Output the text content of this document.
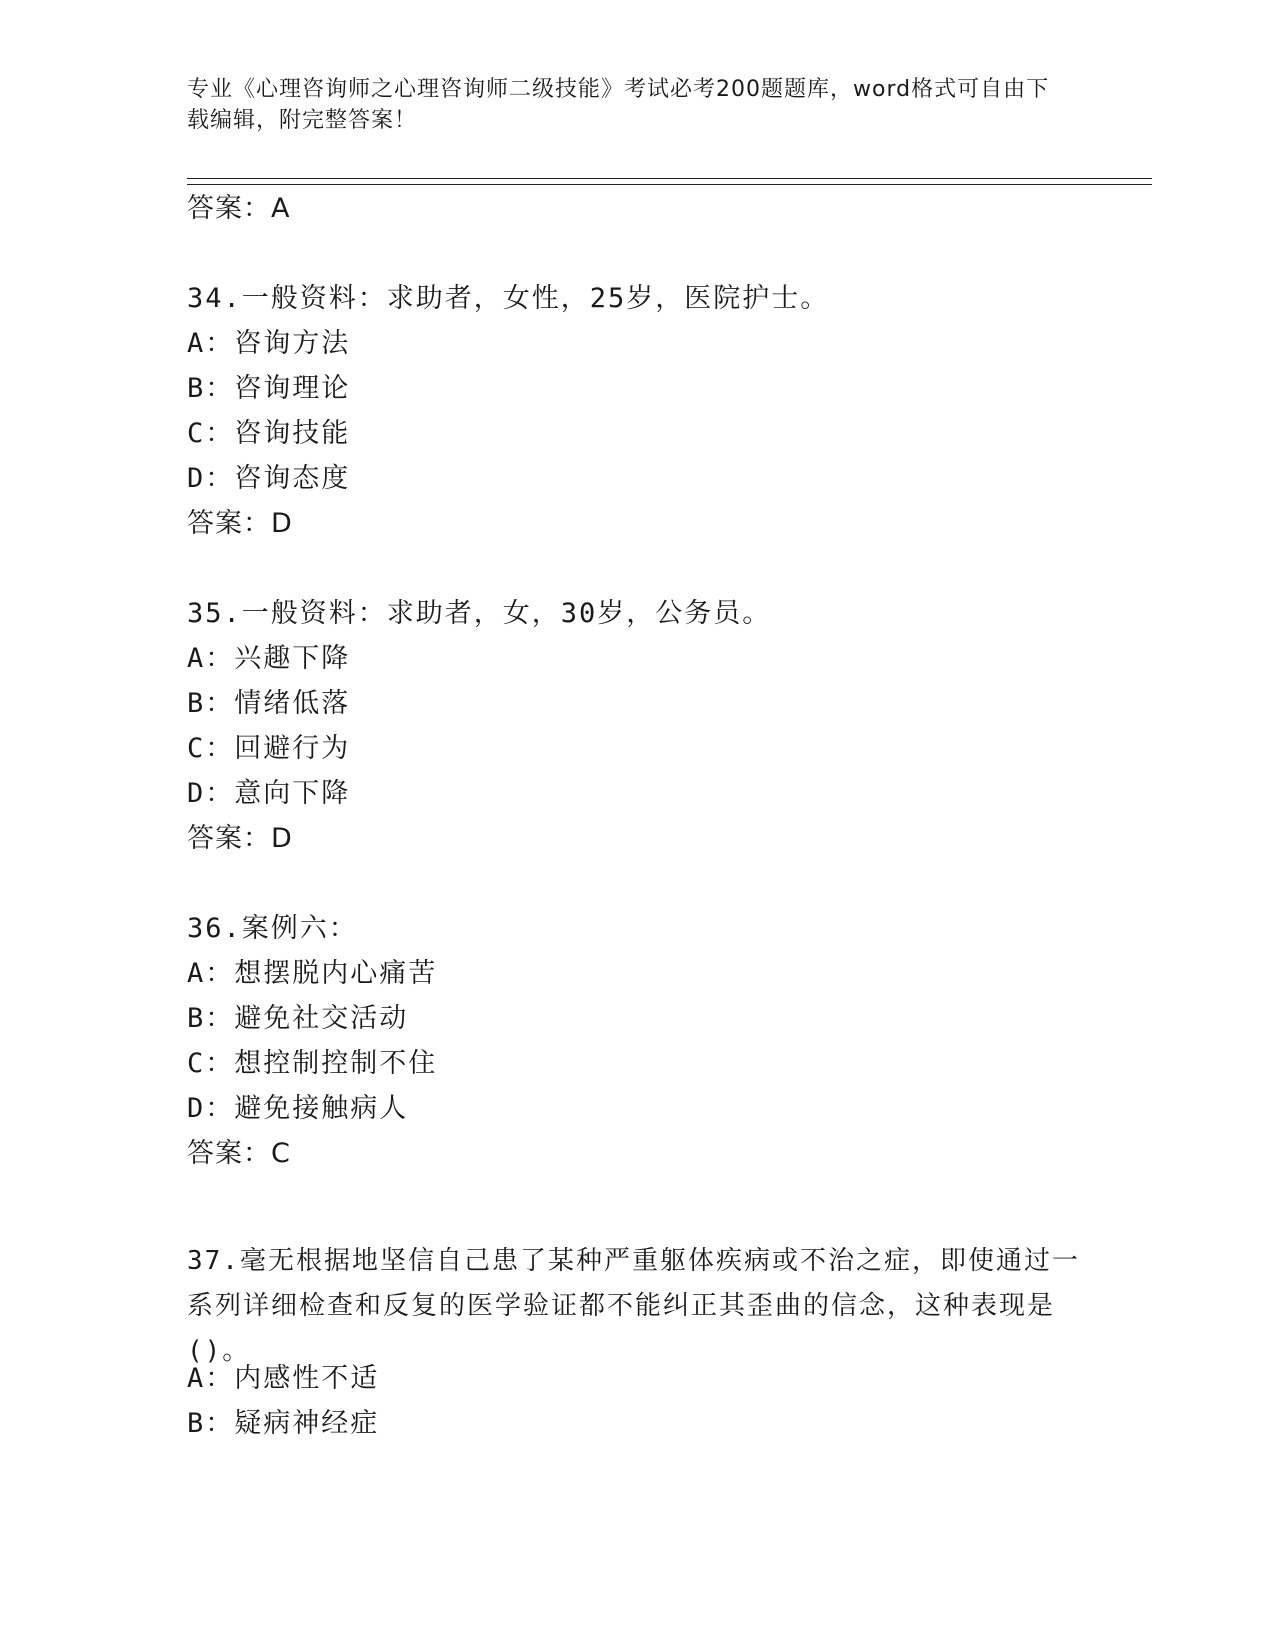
专业《心理咨询师之心理咨询师二级技能》考试必考200题题库，word格式可自由下载编辑，附完整答案！
答案：A
34.一般资料：求助者，女性，25岁，医院护士。
A：咨询方法
B：咨询理论
C：咨询技能
D：咨询态度
答案：D
35.一般资料：求助者，女，30岁，公务员。
A：兴趣下降
B：情绪低落
C：回避行为
D：意向下降
答案：D
36.案例六：
A：想摆脱内心痛苦
B：避免社交活动
C：想控制控制不住
D：避免接触病人
答案：C
37.毫无根据地坚信自己患了某种严重躯体疾病或不治之症，即使通过一系列详细检查和反复的医学验证都不能纠正其歪曲的信念，这种表现是()。
A：内感性不适
B：疑病神经症
